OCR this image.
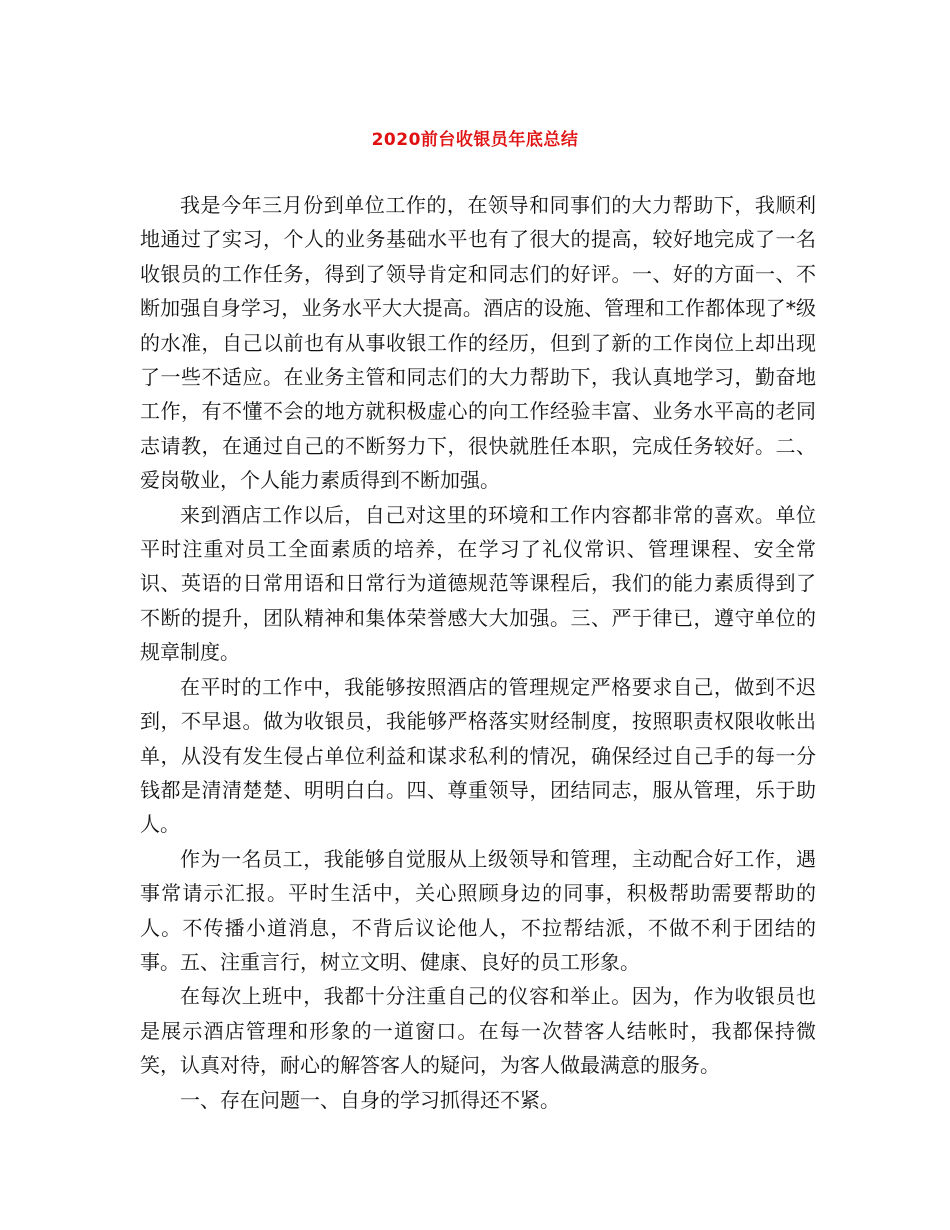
2020前台收银员年底总结

我是今年三月份到单位工作的，在领导和同事们的大力帮助下，我顺利地通过了实习，个人的业务基础水平也有了很大的提高，较好地完成了一名收银员的工作任务，得到了领导肯定和同志们的好评。一、好的方面一、不断加强自身学习，业务水平大大提高。酒店的设施、管理和工作都体现了*级的水准，自己以前也有从事收银工作的经历，但到了新的工作岗位上却出现了一些不适应。在业务主管和同志们的大力帮助下，我认真地学习，勤奋地工作，有不懂不会的地方就积极虚心的向工作经验丰富、业务水平高的老同志请教，在通过自己的不断努力下，很快就胜任本职，完成任务较好。二、爱岗敬业，个人能力素质得到不断加强。

来到酒店工作以后，自己对这里的环境和工作内容都非常的喜欢。单位平时注重对员工全面素质的培养，在学习了礼仪常识、管理课程、安全常识、英语的日常用语和日常行为道德规范等课程后，我们的能力素质得到了不断的提升，团队精神和集体荣誉感大大加强。三、严于律已，遵守单位的规章制度。

在平时的工作中，我能够按照酒店的管理规定严格要求自己，做到不迟到，不早退。做为收银员，我能够严格落实财经制度，按照职责权限收帐出单，从没有发生侵占单位利益和谋求私利的情况，确保经过自己手的每一分钱都是清清楚楚、明明白白。四、尊重领导，团结同志，服从管理，乐于助人。

作为一名员工，我能够自觉服从上级领导和管理，主动配合好工作，遇事常请示汇报。平时生活中，关心照顾身边的同事，积极帮助需要帮助的人。不传播小道消息，不背后议论他人，不拉帮结派，不做不利于团结的事。五、注重言行，树立文明、健康、良好的员工形象。

在每次上班中，我都十分注重自己的仪容和举止。因为，作为收银员也是展示酒店管理和形象的一道窗口。在每一次替客人结帐时，我都保持微笑，认真对待，耐心的解答客人的疑问，为客人做最满意的服务。

一、存在问题一、自身的学习抓得还不紧。
